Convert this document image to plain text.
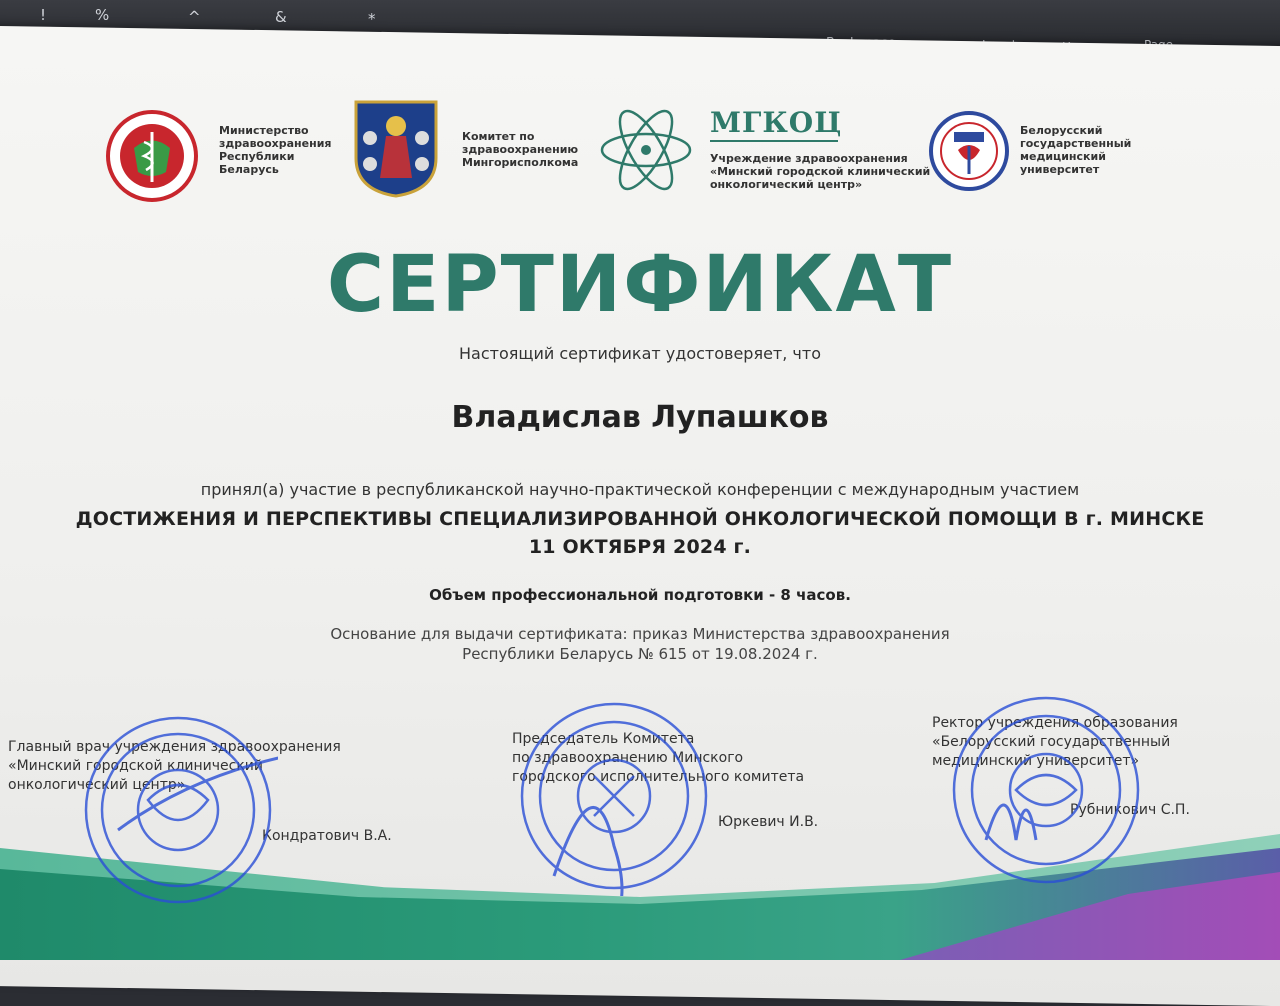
!	%	^	&	*
Министерство
здравоохранения
Республики
Беларусь
Комитет по
здравоохранению
Мингорисполкома
МГКОЦ
Учреждение здравоохранения
«Минский городской клинический
онкологический центр»
Белорусский
государственный
медицинский
университет
СЕРТИФИКАТ
Настоящий сертификат удостоверяет, что
Владислав Лупашков
принял(а) участие в республиканской научно-практической конференции с международным участием
ДОСТИЖЕНИЯ И ПЕРСПЕКТИВЫ СПЕЦИАЛИЗИРОВАННОЙ ОНКОЛОГИЧЕСКОЙ ПОМОЩИ В г. МИНСКЕ
11 ОКТЯБРЯ 2024 г.
Объем профессиональной подготовки - 8 часов.
Основание для выдачи сертификата: приказ Министерства здравоохранения
Республики Беларусь № 615 от 19.08.2024 г.
Главный врач учреждения здравоохранения
«Минский городской клинический
онкологический центр»
Кондратович В.А.
Председатель Комитета
по здравоохранению Минского
городского исполнительного комитета
Юркевич И.В.
Ректор учреждения образования
«Белорусский государственный
медицинский университет»
Рубникович С.П.
